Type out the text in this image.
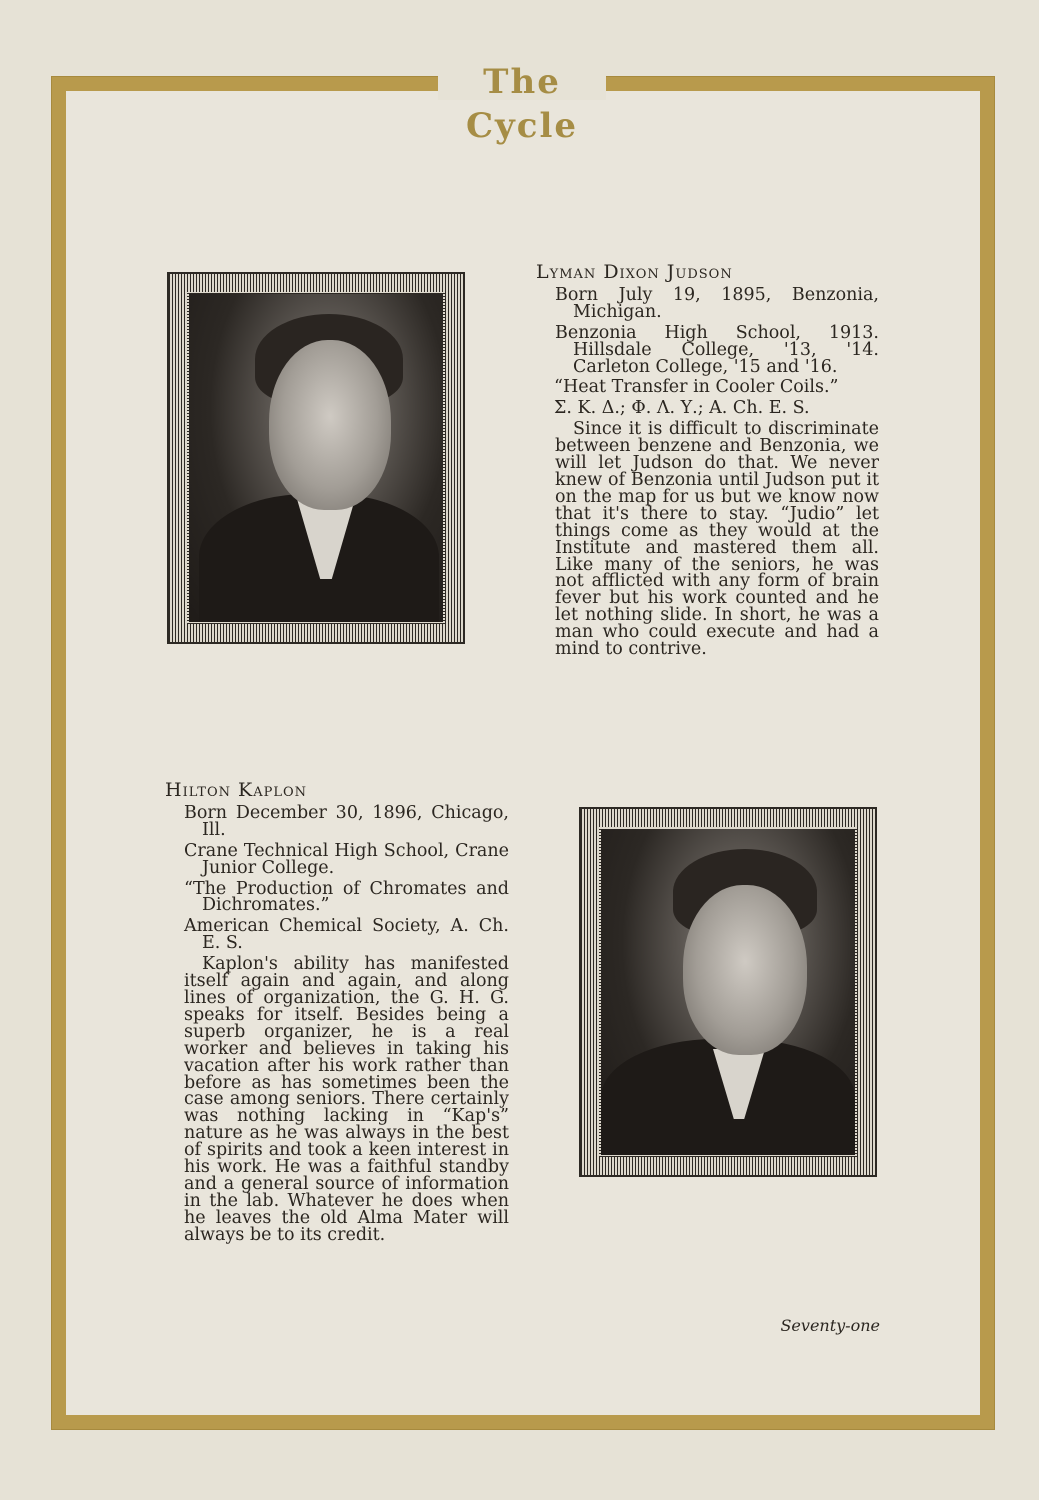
The Cycle

Lyman Dixon Judson

Born July 19, 1895, Benzonia, Michigan.

Benzonia High School, 1913. Hillsdale College, '13, '14. Carleton College, '15 and '16.

“Heat Transfer in Cooler Coils.”

Σ. K. Δ.; Φ. Λ. Υ.; A. Ch. E. S.

Since it is difficult to discriminate between benzene and Benzonia, we will let Judson do that. We never knew of Benzonia until Judson put it on the map for us but we know now that it's there to stay. “Judio” let things come as they would at the Institute and mastered them all. Like many of the seniors, he was not afflicted with any form of brain fever but his work counted and he let nothing slide. In short, he was a man who could execute and had a mind to contrive.

Hilton Kaplon

Born December 30, 1896, Chicago, Ill.

Crane Technical High School, Crane Junior College.

“The Production of Chromates and Dichromates.”

American Chemical Society, A. Ch. E. S.

Kaplon's ability has manifested itself again and again, and along lines of organization, the G. H. G. speaks for itself. Besides being a superb organizer, he is a real worker and believes in taking his vacation after his work rather than before as has sometimes been the case among seniors. There certainly was nothing lacking in “Kap's” nature as he was always in the best of spirits and took a keen interest in his work. He was a faithful standby and a general source of information in the lab. Whatever he does when he leaves the old Alma Mater will always be to its credit.

Seventy-one
